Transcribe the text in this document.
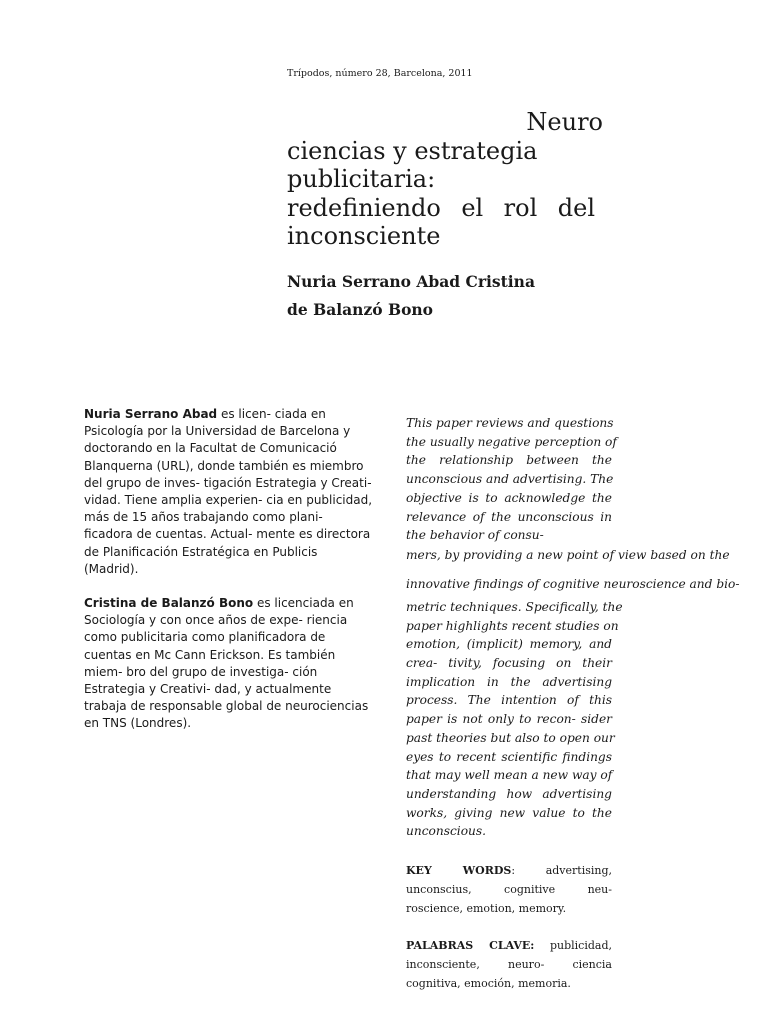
Trípodos, número 28, Barcelona, 2011
Neuro
ciencias y estrategia
publicitaria:
redefiniendo el rol del
inconsciente
Nuria Serrano Abad Cristina
de Balanzó Bono

Nuria Serrano Abad es licen- ciada en Psicología por la Universidad de Barcelona y doctorando en la Facultat de Comunicació Blanquerna (URL), donde también es miembro del grupo de inves- tigación Estrategia y Creati- vidad. Tiene amplia experien- cia en publicidad, más de 15 años trabajando como plani- ficadora de cuentas. Actual- mente es directora de Planificación Estratégica en Publicis (Madrid).

Cristina de Balanzó Bono es licenciada en Sociología y con once años de expe- riencia como publicitaria como planificadora de cuentas en Mc Cann Erickson. Es también miem- bro del grupo de investiga- ción Estrategia y Creativi- dad, y actualmente trabaja de responsable global de neurociencias en TNS (Londres).

This paper reviews and questions
the usually negative perception of
the relationship between the
unconscious and advertising. The
objective is to acknowledge the
relevance of the unconscious in
the behavior of consu-
mers, by providing a new point of view based on the
innovative findings of cognitive neuroscience and bio-
metric techniques. Specifically, the
paper highlights recent studies on
emotion, (implicit) memory, and
crea- tivity, focusing on their
implication in the advertising
process. The intention of this
paper is not only to recon- sider
past theories but also to open our
eyes to recent scientific findings
that may well mean a new way of
understanding how advertising
works, giving new value to the
unconscious.
KEY WORDS: advertising,
unconscius, cognitive neu-
roscience, emotion, memory.
PALABRAS CLAVE: publicidad,
inconsciente, neuro- ciencia
cognitiva, emoción, memoria.
